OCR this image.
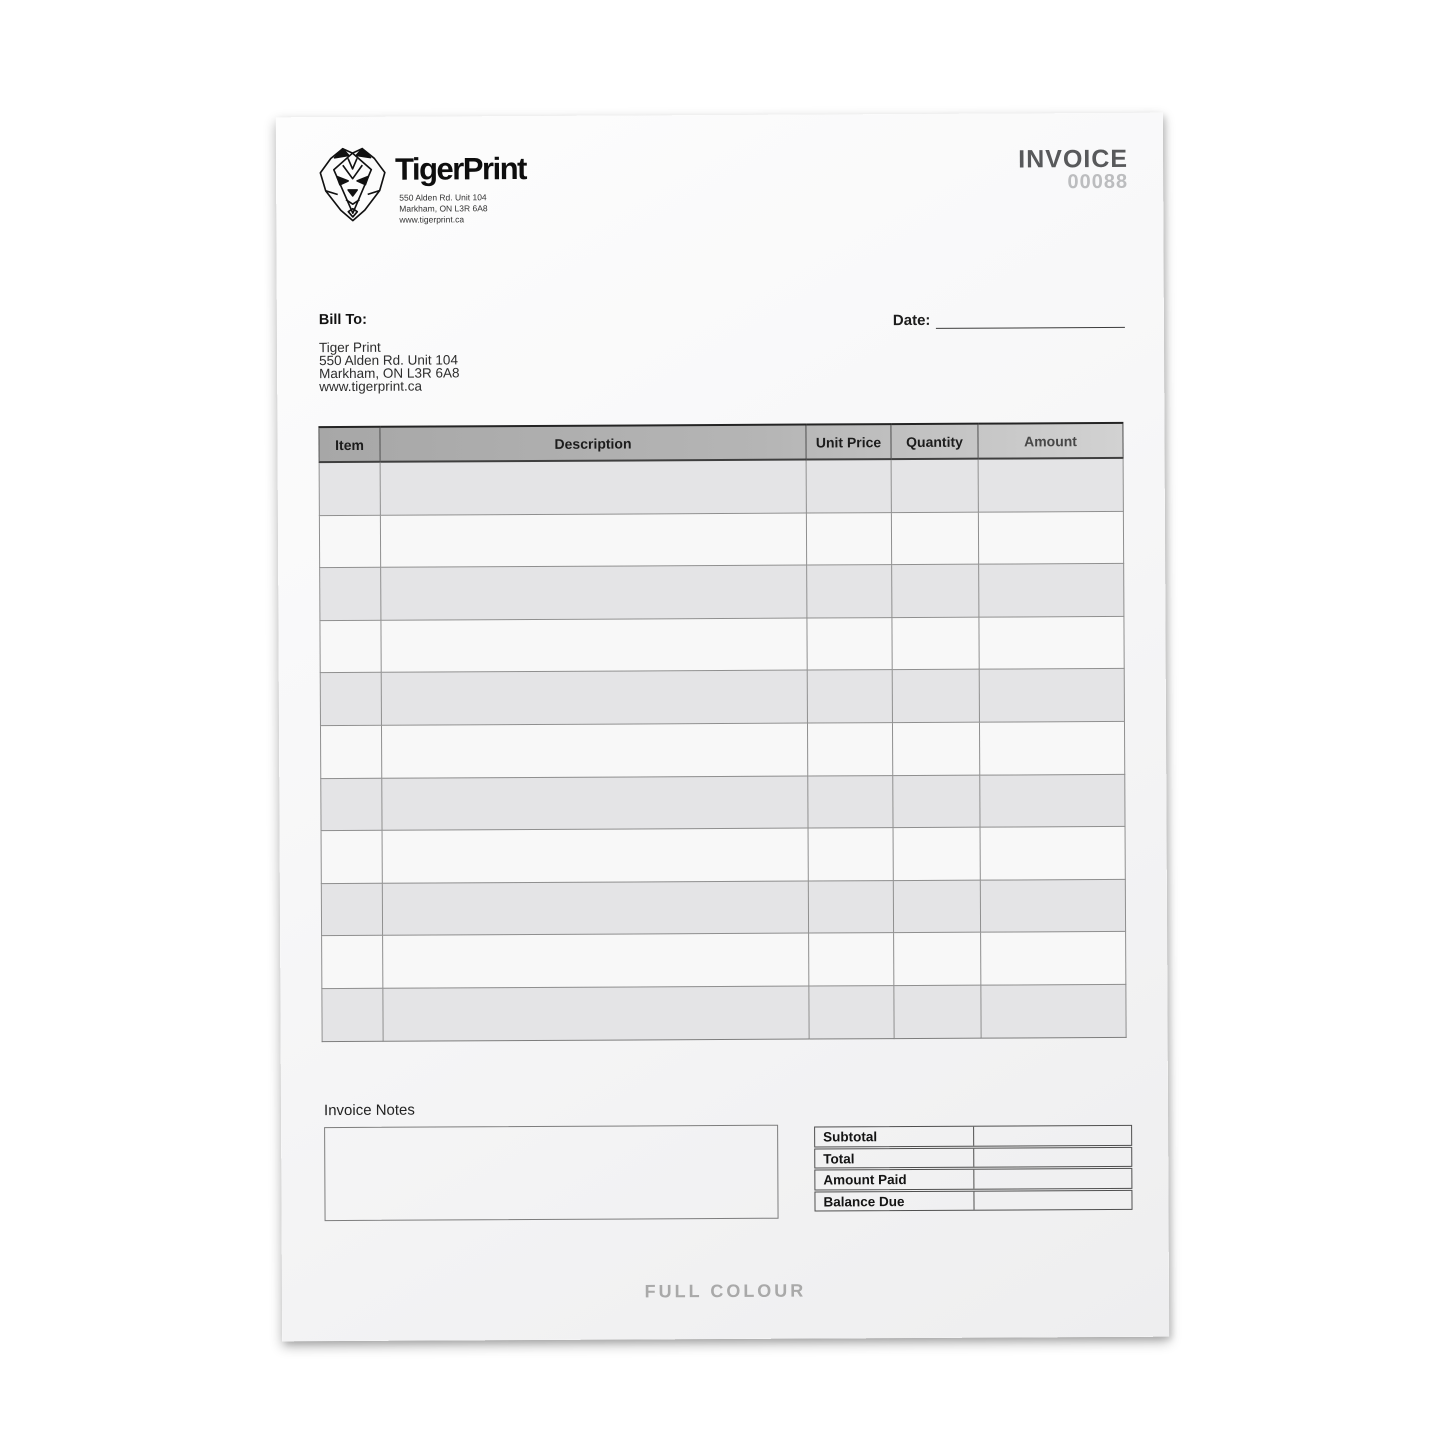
TigerPrint
550 Alden Rd. Unit 104
Markham, ON L3R 6A8
www.tigerprint.ca
INVOICE
00088
Bill To:
Tiger Print
550 Alden Rd. Unit 104
Markham, ON L3R 6A8
www.tigerprint.ca
Date:
Item	Description	Unit Price	Quantity	Amount

Invoice Notes
Subtotal
Total
Amount Paid
Balance Due
FULL COLOUR
